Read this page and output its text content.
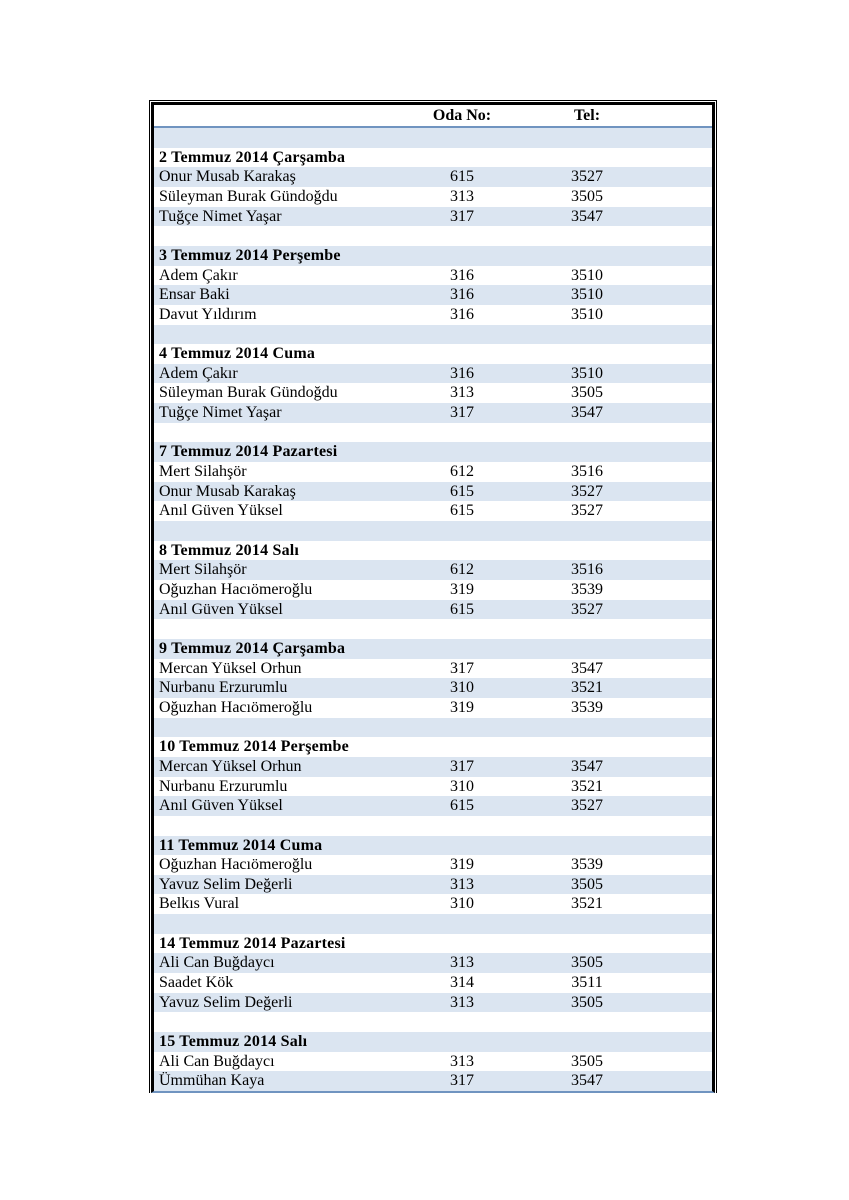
	Oda No:	Tel:	

2 Temmuz 2014 Çarşamba			
Onur Musab Karakaş	615	3527	
Süleyman Burak Gündoğdu	313	3505	
Tuğçe Nimet Yaşar	317	3547	

3 Temmuz 2014 Perşembe			
Adem Çakır	316	3510	
Ensar Baki	316	3510	
Davut Yıldırım	316	3510	

4 Temmuz 2014 Cuma			
Adem Çakır	316	3510	
Süleyman Burak Gündoğdu	313	3505	
Tuğçe Nimet Yaşar	317	3547	

7 Temmuz 2014 Pazartesi			
Mert Silahşör	612	3516	
Onur Musab Karakaş	615	3527	
Anıl Güven Yüksel	615	3527	

8 Temmuz 2014 Salı			
Mert Silahşör	612	3516	
Oğuzhan Hacıömeroğlu	319	3539	
Anıl Güven Yüksel	615	3527	

9 Temmuz 2014 Çarşamba			
Mercan Yüksel Orhun	317	3547	
Nurbanu Erzurumlu	310	3521	
Oğuzhan Hacıömeroğlu	319	3539	

10 Temmuz 2014 Perşembe			
Mercan Yüksel Orhun	317	3547	
Nurbanu Erzurumlu	310	3521	
Anıl Güven Yüksel	615	3527	

11 Temmuz 2014 Cuma			
Oğuzhan Hacıömeroğlu	319	3539	
Yavuz Selim Değerli	313	3505	
Belkıs Vural	310	3521	

14 Temmuz 2014 Pazartesi			
Ali Can Buğdaycı	313	3505	
Saadet Kök	314	3511	
Yavuz Selim Değerli	313	3505	

15 Temmuz 2014 Salı			
Ali Can Buğdaycı	313	3505	
Ümmühan Kaya	317	3547	
